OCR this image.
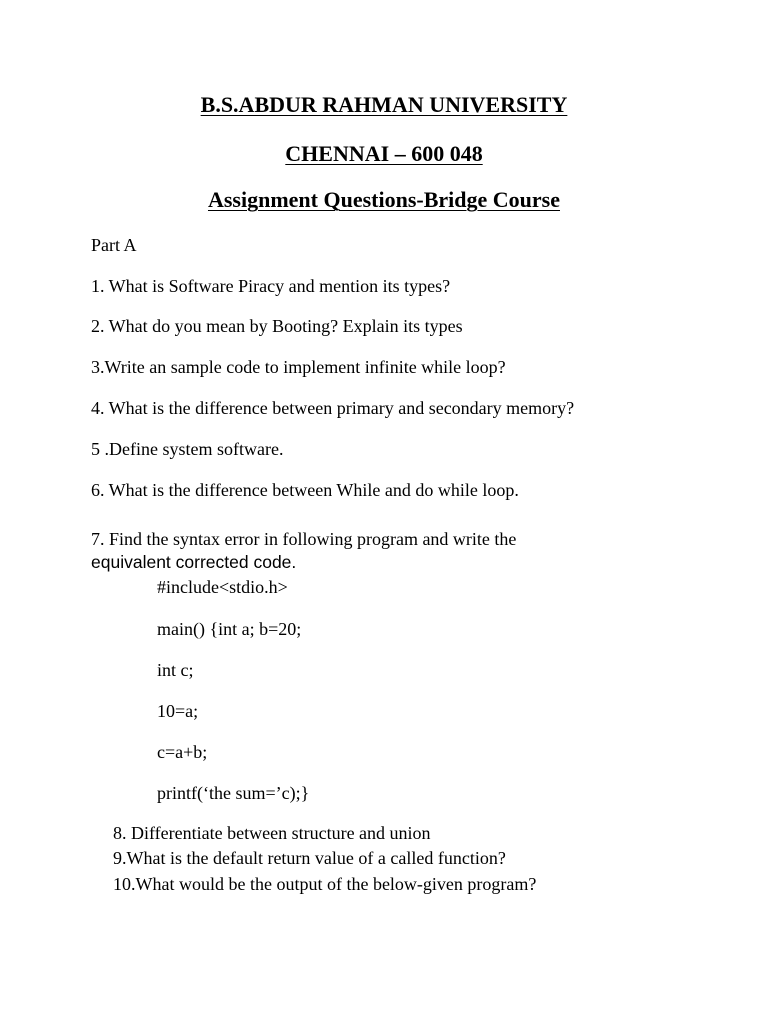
B.S.ABDUR RAHMAN UNIVERSITY
CHENNAI – 600 048
Assignment Questions-Bridge Course
Part A
1. What is Software Piracy and mention its types?
2. What do you mean by Booting? Explain its types
3.Write an sample code to implement infinite while loop?
4. What is the difference between primary and secondary memory?
5 .Define system software.
6. What is the difference between While and do while loop.
7. Find the syntax error in following program and write the
equivalent corrected code.
#include<stdio.h>
main() {int a; b=20;
int c;
10=a;
c=a+b;
printf(‘the sum=’c);}
8. Differentiate between structure and union
9.What is the default return value of a called function?
10.What would be the output of the below-given program?
